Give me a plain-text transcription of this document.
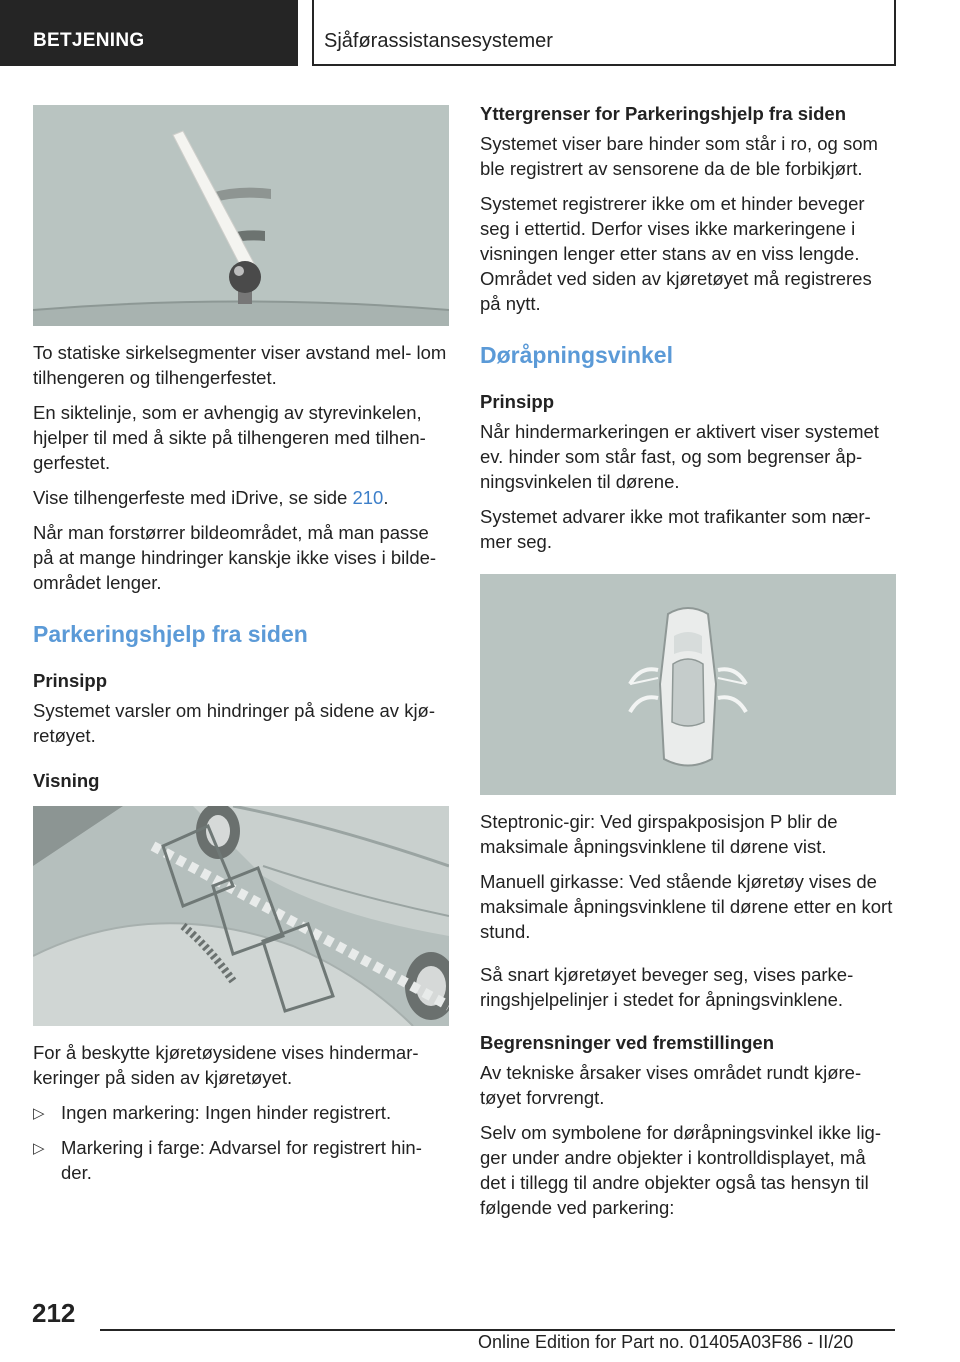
BETJENING	Sjåførassistansesystemer

To statiske sirkelsegmenter viser avstand mel- lom tilhengeren og tilhengerfestet.

En siktelinje, som er avhengig av styrevinkelen, hjelper til med å sikte på tilhengeren med tilhen- gerfestet.

Vise tilhengerfeste med iDrive, se side 210.

Når man forstørrer bildeområdet, må man passe på at mange hindringer kanskje ikke vises i bilde- området lenger.

Parkeringshjelp fra siden
Prinsipp

Systemet varsler om hindringer på sidene av kjø- retøyet.

Visning

For å beskytte kjøretøysidene vises hindermar- keringer på siden av kjøretøyet.

▷ Ingen markering: Ingen hinder registrert.
▷ Markering i farge: Advarsel for registrert hin- der.
Yttergrenser for Parkeringshjelp fra siden

Systemet viser bare hinder som står i ro, og som ble registrert av sensorene da de ble forbikjørt.

Systemet registrerer ikke om et hinder beveger seg i ettertid. Derfor vises ikke markeringene i visningen lenger etter stans av en viss lengde. Området ved siden av kjøretøyet må registreres på nytt.

Døråpningsvinkel
Prinsipp

Når hindermarkeringen er aktivert viser systemet ev. hinder som står fast, og som begrenser åp- ningsvinkelen til dørene.

Systemet advarer ikke mot trafikanter som nær- mer seg.

Steptronic-gir: Ved girspakposisjon P blir de maksimale åpningsvinklene til dørene vist.

Manuell girkasse: Ved stående kjøretøy vises de maksimale åpningsvinklene til dørene etter en kort stund.

Så snart kjøretøyet beveger seg, vises parke- ringshjelpelinjer i stedet for åpningsvinklene.

Begrensninger ved fremstillingen

Av tekniske årsaker vises området rundt kjøre- tøyet forvrengt.

Selv om symbolene for døråpningsvinkel ikke lig- ger under andre objekter i kontrolldisplayet, må det i tillegg til andre objekter også tas hensyn til følgende ved parkering:

212
Online Edition for Part no. 01405A03F86 - II/20
